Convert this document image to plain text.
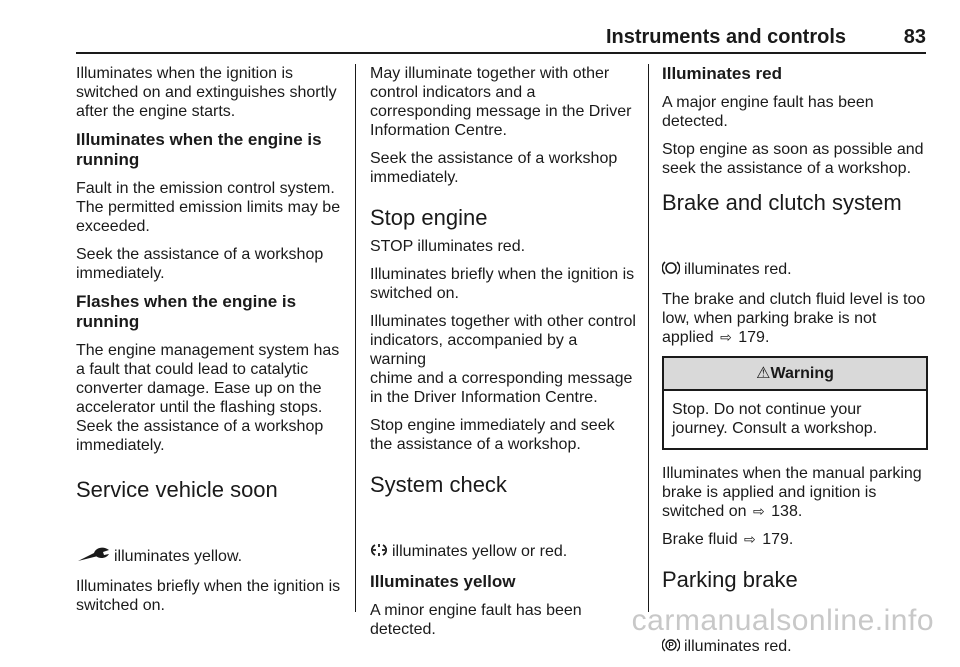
Instruments and controls	83

Illuminates when the ignition is
switched on and extinguishes shortly
after the engine starts.

Illuminates when the engine is
running

Fault in the emission control system.
The permitted emission limits may be
exceeded.

Seek the assistance of a workshop
immediately.

Flashes when the engine is
running

The engine management system has
a fault that could lead to catalytic
converter damage. Ease up on the
accelerator until the flashing stops.
Seek the assistance of a workshop
immediately.

Service vehicle soon

illuminates yellow.

Illuminates briefly when the ignition is
switched on.

May illuminate together with other
control indicators and a
corresponding message in the Driver
Information Centre.

Seek the assistance of a workshop
immediately.

Stop engine

STOP illuminates red.

Illuminates briefly when the ignition is
switched on.

Illuminates together with other control
indicators, accompanied by a warning
chime and a corresponding message
in the Driver Information Centre.

Stop engine immediately and seek
the assistance of a workshop.

System check

illuminates yellow or red.

Illuminates yellow

A minor engine fault has been
detected.

Illuminates red

A major engine fault has been
detected.

Stop engine as soon as possible and
seek the assistance of a workshop.

Brake and clutch system

illuminates red.

The brake and clutch fluid level is too
low, when parking brake is not
applied ⇨ 179.

⚠Warning
Stop. Do not continue your
journey. Consult a workshop.

Illuminates when the manual parking
brake is applied and ignition is
switched on ⇨ 138.

Brake fluid ⇨ 179.

Parking brake

P illuminates red.

carmanualsonline.info
